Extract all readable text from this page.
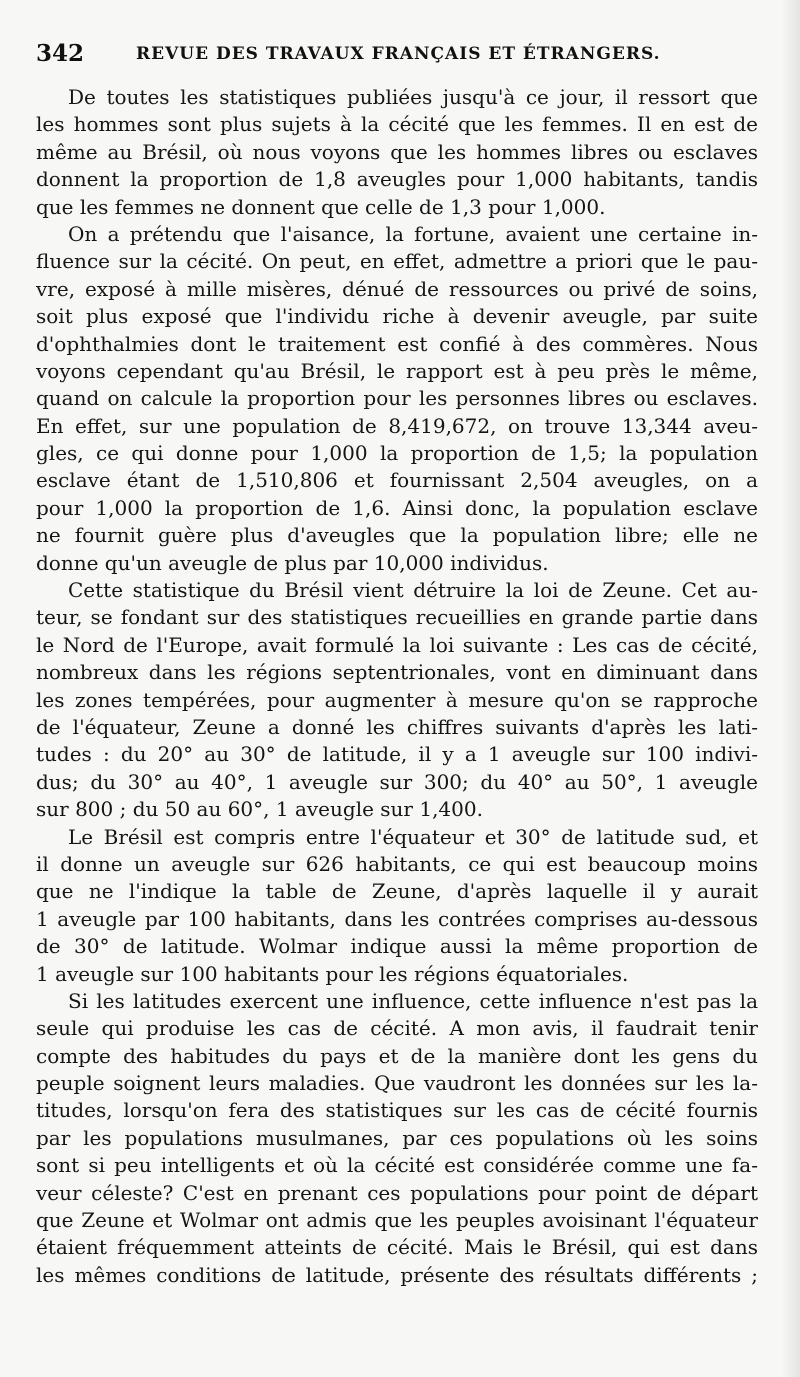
342	REVUE DES TRAVAUX FRANÇAIS ET ÉTRANGERS.
De toutes les statistiques publiées jusqu'à ce jour, il ressort que
les hommes sont plus sujets à la cécité que les femmes. Il en est de
même au Brésil, où nous voyons que les hommes libres ou esclaves
donnent la proportion de 1,8 aveugles pour 1,000 habitants, tandis
que les femmes ne donnent que celle de 1,3 pour 1,000.
On a prétendu que l'aisance, la fortune, avaient une certaine in-
fluence sur la cécité. On peut, en effet, admettre a priori que le pau-
vre, exposé à mille misères, dénué de ressources ou privé de soins,
soit plus exposé que l'individu riche à devenir aveugle, par suite
d'ophthalmies dont le traitement est confié à des commères. Nous
voyons cependant qu'au Brésil, le rapport est à peu près le même,
quand on calcule la proportion pour les personnes libres ou esclaves.
En effet, sur une population de 8,419,672, on trouve 13,344 aveu-
gles, ce qui donne pour 1,000 la proportion de 1,5; la population
esclave étant de 1,510,806 et fournissant 2,504 aveugles, on a
pour 1,000 la proportion de 1,6. Ainsi donc, la population esclave
ne fournit guère plus d'aveugles que la population libre; elle ne
donne qu'un aveugle de plus par 10,000 individus.
Cette statistique du Brésil vient détruire la loi de Zeune. Cet au-
teur, se fondant sur des statistiques recueillies en grande partie dans
le Nord de l'Europe, avait formulé la loi suivante : Les cas de cécité,
nombreux dans les régions septentrionales, vont en diminuant dans
les zones tempérées, pour augmenter à mesure qu'on se rapproche
de l'équateur, Zeune a donné les chiffres suivants d'après les lati-
tudes : du 20° au 30° de latitude, il y a 1 aveugle sur 100 indivi-
dus; du 30° au 40°, 1 aveugle sur 300; du 40° au 50°, 1 aveugle
sur 800 ; du 50 au 60°, 1 aveugle sur 1,400.
Le Brésil est compris entre l'équateur et 30° de latitude sud, et
il donne un aveugle sur 626 habitants, ce qui est beaucoup moins
que ne l'indique la table de Zeune, d'après laquelle il y aurait
1 aveugle par 100 habitants, dans les contrées comprises au-dessous
de 30° de latitude. Wolmar indique aussi la même proportion de
1 aveugle sur 100 habitants pour les régions équatoriales.
Si les latitudes exercent une influence, cette influence n'est pas la
seule qui produise les cas de cécité. A mon avis, il faudrait tenir
compte des habitudes du pays et de la manière dont les gens du
peuple soignent leurs maladies. Que vaudront les données sur les la-
titudes, lorsqu'on fera des statistiques sur les cas de cécité fournis
par les populations musulmanes, par ces populations où les soins
sont si peu intelligents et où la cécité est considérée comme une fa-
veur céleste? C'est en prenant ces populations pour point de départ
que Zeune et Wolmar ont admis que les peuples avoisinant l'équateur
étaient fréquemment atteints de cécité. Mais le Brésil, qui est dans
les mêmes conditions de latitude, présente des résultats différents ;
